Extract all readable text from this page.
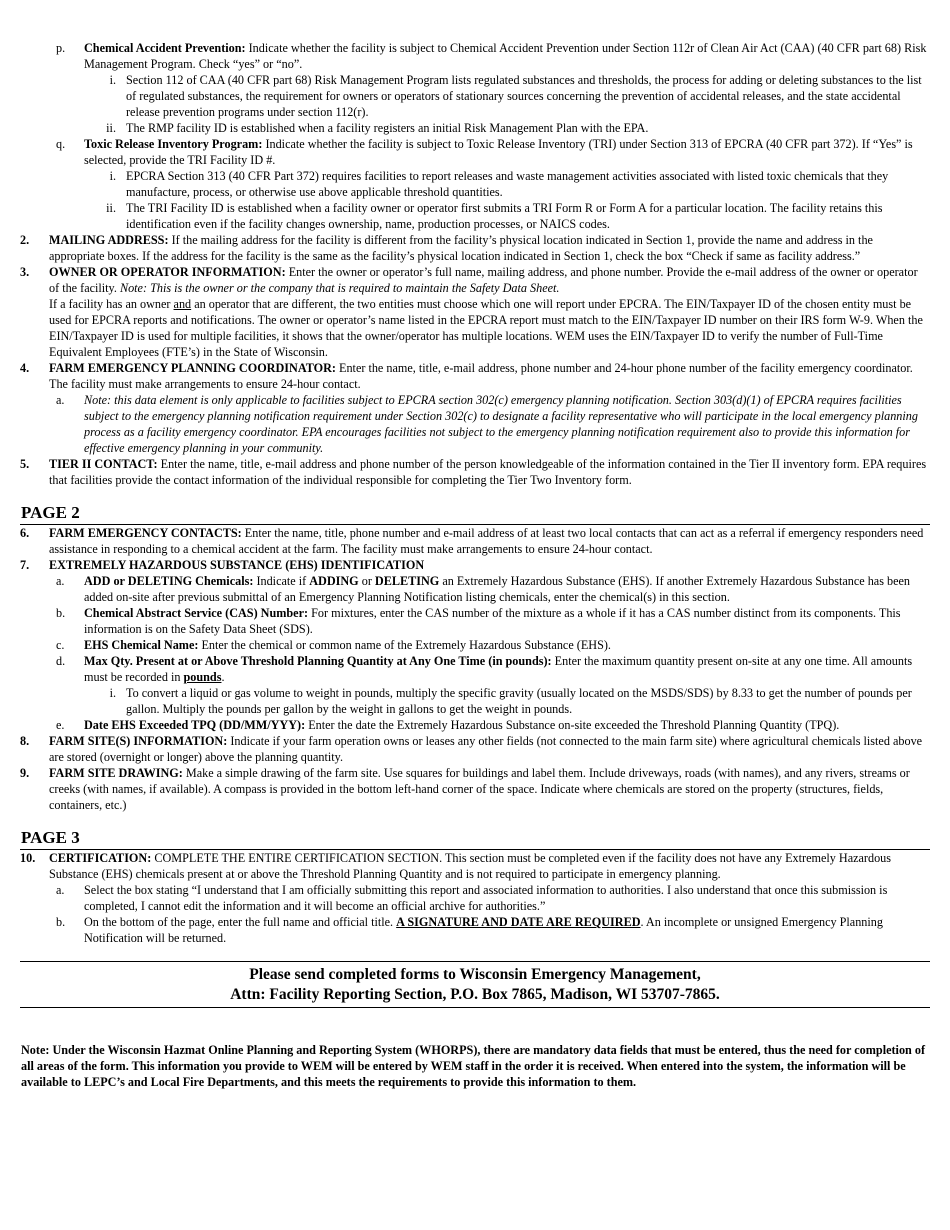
p. Chemical Accident Prevention: Indicate whether the facility is subject to Chemical Accident Prevention under Section 112r of Clean Air Act (CAA) (40 CFR part 68) Risk Management Program. Check “yes” or “no”.
i. Section 112 of CAA (40 CFR part 68) Risk Management Program lists regulated substances and thresholds, the process for adding or deleting substances to the list of regulated substances, the requirement for owners or operators of stationary sources concerning the prevention of accidental releases, and the state accidental release prevention programs under section 112(r).
ii. The RMP facility ID is established when a facility registers an initial Risk Management Plan with the EPA.
q. Toxic Release Inventory Program: Indicate whether the facility is subject to Toxic Release Inventory (TRI) under Section 313 of EPCRA (40 CFR part 372). If “Yes” is selected, provide the TRI Facility ID #.
i. EPCRA Section 313 (40 CFR Part 372) requires facilities to report releases and waste management activities associated with listed toxic chemicals that they manufacture, process, or otherwise use above applicable threshold quantities.
ii. The TRI Facility ID is established when a facility owner or operator first submits a TRI Form R or Form A for a particular location. The facility retains this identification even if the facility changes ownership, name, production processes, or NAICS codes.
2. MAILING ADDRESS: If the mailing address for the facility is different from the facility’s physical location indicated in Section 1, provide the name and address in the appropriate boxes. If the address for the facility is the same as the facility’s physical location indicated in Section 1, check the box “Check if same as facility address.”
3. OWNER OR OPERATOR INFORMATION: Enter the owner or operator’s full name, mailing address, and phone number. Provide the e-mail address of the owner or operator of the facility. Note: This is the owner or the company that is required to maintain the Safety Data Sheet.
If a facility has an owner and an operator that are different, the two entities must choose which one will report under EPCRA. The EIN/Taxpayer ID of the chosen entity must be used for EPCRA reports and notifications. The owner or operator’s name listed in the EPCRA report must match to the EIN/Taxpayer ID number on their IRS form W-9. When the EIN/Taxpayer ID is used for multiple facilities, it shows that the owner/operator has multiple locations. WEM uses the EIN/Taxpayer ID to verify the number of Full-Time Equivalent Employees (FTE’s) in the State of Wisconsin.
4. FARM EMERGENCY PLANNING COORDINATOR: Enter the name, title, e-mail address, phone number and 24-hour phone number of the facility emergency coordinator. The facility must make arrangements to ensure 24-hour contact.
a. Note: this data element is only applicable to facilities subject to EPCRA section 302(c) emergency planning notification. Section 303(d)(1) of EPCRA requires facilities subject to the emergency planning notification requirement under Section 302(c) to designate a facility representative who will participate in the local emergency planning process as a facility emergency coordinator. EPA encourages facilities not subject to the emergency planning notification requirement also to provide this information for effective emergency planning in your community.
5. TIER II CONTACT: Enter the name, title, e-mail address and phone number of the person knowledgeable of the information contained in the Tier II inventory form. EPA requires that facilities provide the contact information of the individual responsible for completing the Tier Two Inventory form.
PAGE 2
6. FARM EMERGENCY CONTACTS: Enter the name, title, phone number and e-mail address of at least two local contacts that can act as a referral if emergency responders need assistance in responding to a chemical accident at the farm. The facility must make arrangements to ensure 24-hour contact.
7. EXTREMELY HAZARDOUS SUBSTANCE (EHS) IDENTIFICATION
a. ADD or DELETING Chemicals: Indicate if ADDING or DELETING an Extremely Hazardous Substance (EHS). If another Extremely Hazardous Substance has been added on-site after previous submittal of an Emergency Planning Notification listing chemicals, enter the chemical(s) in this section.
b. Chemical Abstract Service (CAS) Number: For mixtures, enter the CAS number of the mixture as a whole if it has a CAS number distinct from its components. This information is on the Safety Data Sheet (SDS).
c. EHS Chemical Name: Enter the chemical or common name of the Extremely Hazardous Substance (EHS).
d. Max Qty. Present at or Above Threshold Planning Quantity at Any One Time (in pounds): Enter the maximum quantity present on-site at any one time. All amounts must be recorded in pounds.
i. To convert a liquid or gas volume to weight in pounds, multiply the specific gravity (usually located on the MSDS/SDS) by 8.33 to get the number of pounds per gallon. Multiply the pounds per gallon by the weight in gallons to get the weight in pounds.
e. Date EHS Exceeded TPQ (DD/MM/YYY): Enter the date the Extremely Hazardous Substance on-site exceeded the Threshold Planning Quantity (TPQ).
8. FARM SITE(S) INFORMATION: Indicate if your farm operation owns or leases any other fields (not connected to the main farm site) where agricultural chemicals listed above are stored (overnight or longer) above the planning quantity.
9. FARM SITE DRAWING: Make a simple drawing of the farm site. Use squares for buildings and label them. Include driveways, roads (with names), and any rivers, streams or creeks (with names, if available). A compass is provided in the bottom left-hand corner of the space. Indicate where chemicals are stored on the property (structures, fields, containers, etc.)
PAGE 3
10. CERTIFICATION: COMPLETE THE ENTIRE CERTIFICATION SECTION. This section must be completed even if the facility does not have any Extremely Hazardous Substance (EHS) chemicals present at or above the Threshold Planning Quantity and is not required to participate in emergency planning.
a. Select the box stating “I understand that I am officially submitting this report and associated information to authorities. I also understand that once this submission is completed, I cannot edit the information and it will become an official archive for authorities.”
b. On the bottom of the page, enter the full name and official title. A SIGNATURE AND DATE ARE REQUIRED. An incomplete or unsigned Emergency Planning Notification will be returned.
Please send completed forms to Wisconsin Emergency Management,
Attn: Facility Reporting Section, P.O. Box 7865, Madison, WI 53707-7865.
Note: Under the Wisconsin Hazmat Online Planning and Reporting System (WHORPS), there are mandatory data fields that must be entered, thus the need for completion of all areas of the form. This information you provide to WEM will be entered by WEM staff in the order it is received. When entered into the system, the information will be available to LEPC’s and Local Fire Departments, and this meets the requirements to provide this information to them.
